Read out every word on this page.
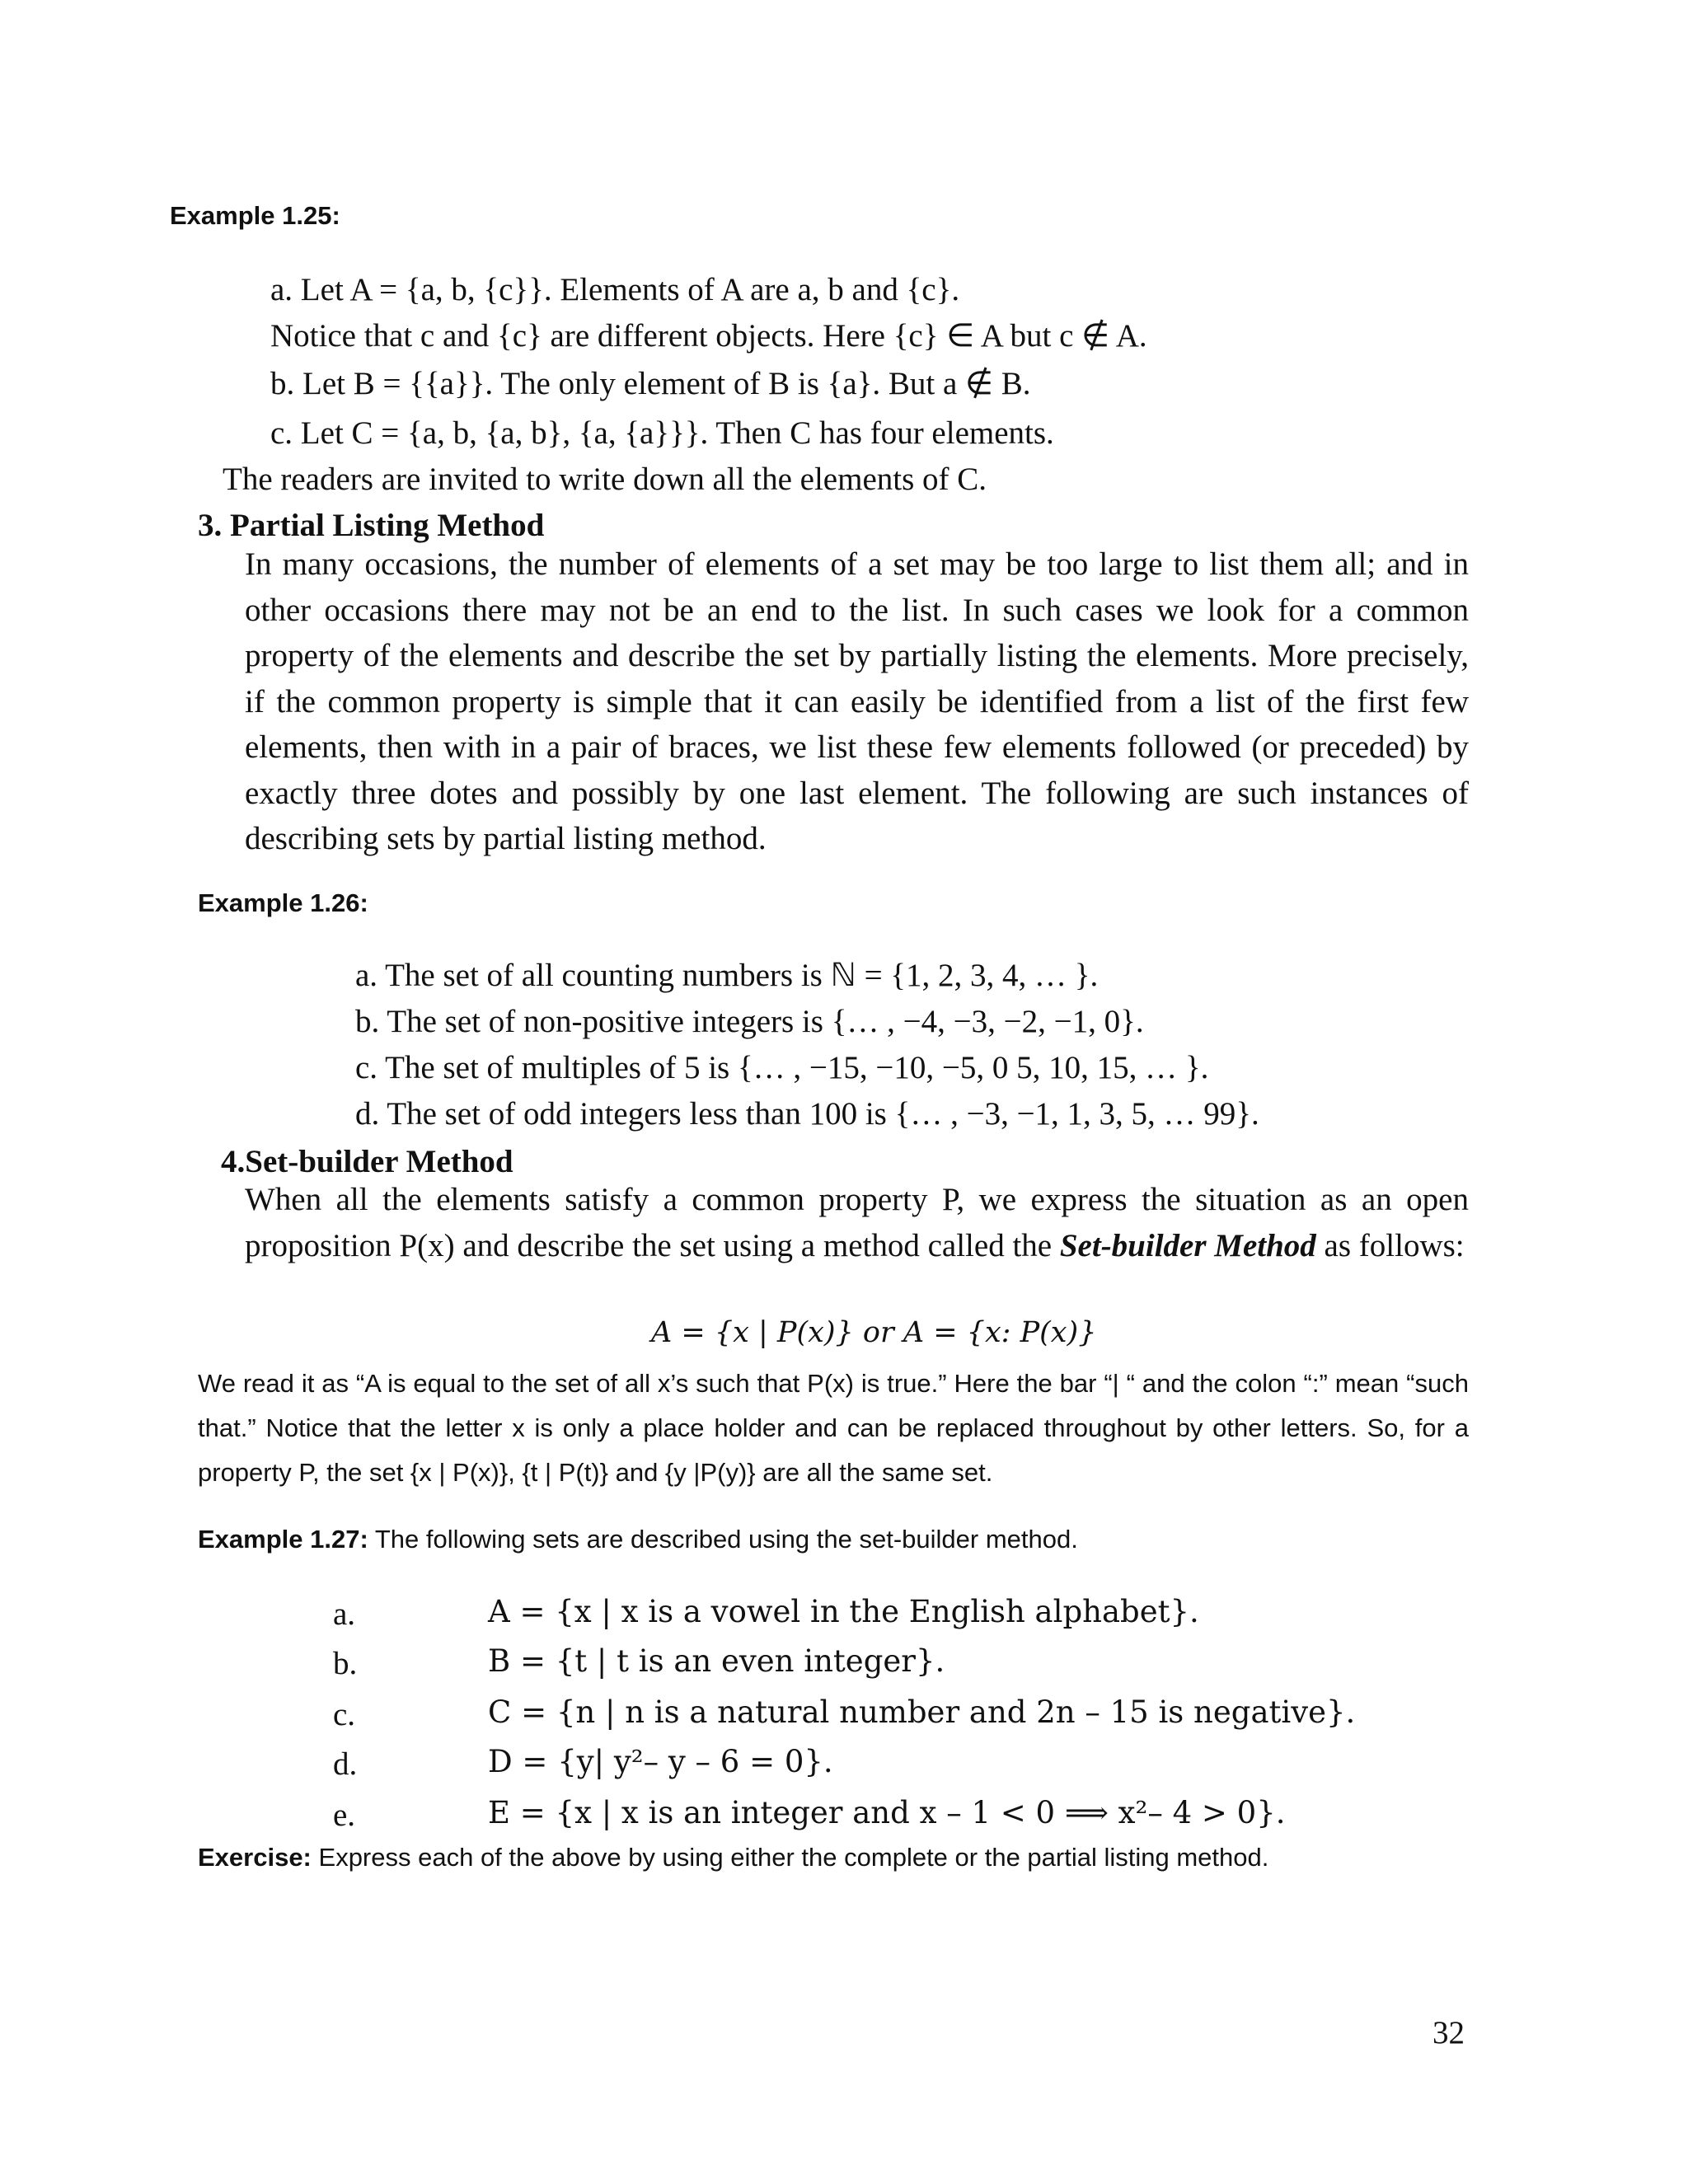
Example 1.25:
a. Let A = {a, b, {c}}. Elements of A are a, b and {c}.
Notice that c and {c} are different objects. Here {c} ∈ A but c ∉ A.
b. Let B = {{a}}. The only element of B is {a}. But a ∉ B.
c. Let C = {a, b, {a, b}, {a, {a}}}. Then C has four elements.
The readers are invited to write down all the elements of C.
3. Partial Listing Method
In many occasions, the number of elements of a set may be too large to list them all; and in other occasions there may not be an end to the list. In such cases we look for a common property of the elements and describe the set by partially listing the elements. More precisely, if the common property is simple that it can easily be identified from a list of the first few elements, then with in a pair of braces, we list these few elements followed (or preceded) by exactly three dotes and possibly by one last element. The following are such instances of describing sets by partial listing method.
Example 1.26:
a. The set of all counting numbers is ℕ = {1, 2, 3, 4, … }.
b. The set of non-positive integers is {… , −4, −3, −2, −1, 0}.
c. The set of multiples of 5 is {… , −15, −10, −5, 0 5, 10, 15, … }.
d. The set of odd integers less than 100 is {… , −3, −1, 1, 3, 5, … 99}.
4.Set-builder Method
When all the elements satisfy a common property P, we express the situation as an open proposition P(x) and describe the set using a method called the Set-builder Method as follows:
A = {x | P(x)} or A = {x: P(x)}
We read it as “A is equal to the set of all x’s such that P(x) is true.” Here the bar “| “ and the colon “:” mean “such that.” Notice that the letter x is only a place holder and can be replaced throughout by other letters. So, for a property P, the set {x | P(x)}, {t | P(t)} and {y |P(y)} are all the same set.
Example 1.27: The following sets are described using the set-builder method.
a.	A = {x | x is a vowel in the English alphabet}.
b.	B = {t | t is an even integer}.
c.	C = {n | n is a natural number and 2n – 15 is negative}.
d.	D = {y| y²– y – 6 = 0}.
e.	E = {x | x is an integer and x – 1 < 0 ⟹ x²– 4 > 0}.
Exercise: Express each of the above by using either the complete or the partial listing method.
32
